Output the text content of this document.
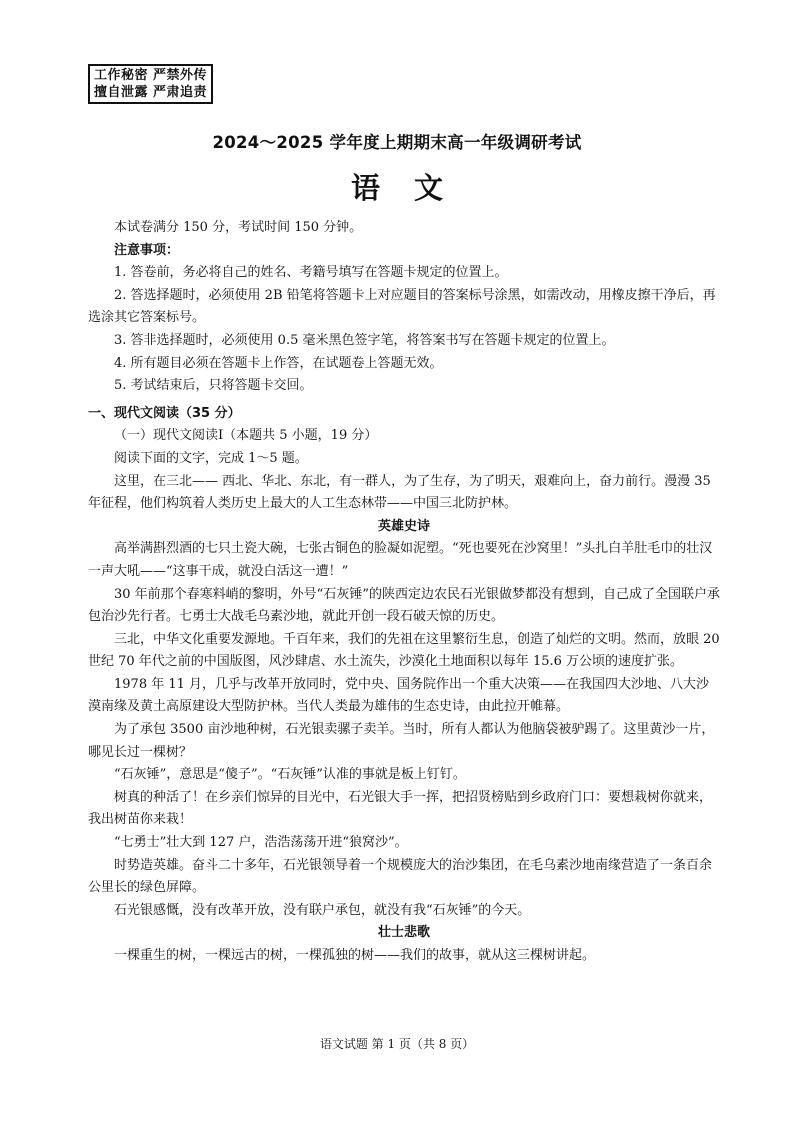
工作秘密 严禁外传
擅自泄露 严肃追责
2024～2025 学年度上期期末高一年级调研考试
语文

本试卷满分 150 分，考试时间 150 分钟。

注意事项：

1. 答卷前，务必将自己的姓名、考籍号填写在答题卡规定的位置上。

2. 答选择题时，必须使用 2B 铅笔将答题卡上对应题目的答案标号涂黑，如需改动，用橡皮擦干净后，再选涂其它答案标号。

3. 答非选择题时，必须使用 0.5 毫米黑色签字笔，将答案书写在答题卡规定的位置上。

4. 所有题目必须在答题卡上作答，在试题卷上答题无效。

5. 考试结束后，只将答题卡交回。

一、现代文阅读（35 分）

（一）现代文阅读Ⅰ（本题共 5 小题，19 分）

阅读下面的文字，完成 1～5 题。

这里，在三北—— 西北、华北、东北，有一群人，为了生存，为了明天，艰难向上，奋力前行。漫漫 35 年征程，他们构筑着人类历史上最大的人工生态林带——中国三北防护林。

英雄史诗

高举满斟烈酒的七只土瓷大碗，七张古铜色的脸凝如泥塑。“死也要死在沙窝里！”头扎白羊肚毛巾的壮汉一声大吼——“这事干成，就没白活这一遭！”

30 年前那个春寒料峭的黎明，外号“石灰锤”的陕西定边农民石光银做梦都没有想到，自己成了全国联户承包治沙先行者。七勇士大战毛乌素沙地，就此开创一段石破天惊的历史。

三北，中华文化重要发源地。千百年来，我们的先祖在这里繁衍生息，创造了灿烂的文明。然而，放眼 20 世纪 70 年代之前的中国版图，风沙肆虐、水土流失，沙漠化土地面积以每年 15.6 万公顷的速度扩张。

1978 年 11 月，几乎与改革开放同时，党中央、国务院作出一个重大决策——在我国四大沙地、八大沙漠南缘及黄土高原建设大型防护林。当代人类最为雄伟的生态史诗，由此拉开帷幕。

为了承包 3500 亩沙地种树，石光银卖骡子卖羊。当时，所有人都认为他脑袋被驴踢了。这里黄沙一片，哪见长过一棵树？

“石灰锤”，意思是“傻子”。“石灰锤”认准的事就是板上钉钉。

树真的种活了！在乡亲们惊异的目光中，石光银大手一挥，把招贤榜贴到乡政府门口：要想栽树你就来，我出树苗你来栽！

“七勇士”壮大到 127 户，浩浩荡荡开进“狼窝沙”。

时势造英雄。奋斗二十多年，石光银领导着一个规模庞大的治沙集团，在毛乌素沙地南缘营造了一条百余公里长的绿色屏障。

石光银感慨，没有改革开放，没有联户承包，就没有我“石灰锤”的今天。

壮士悲歌

一棵重生的树，一棵远古的树，一棵孤独的树——我们的故事，就从这三棵树讲起。

语文试题 第 1 页（共 8 页）
